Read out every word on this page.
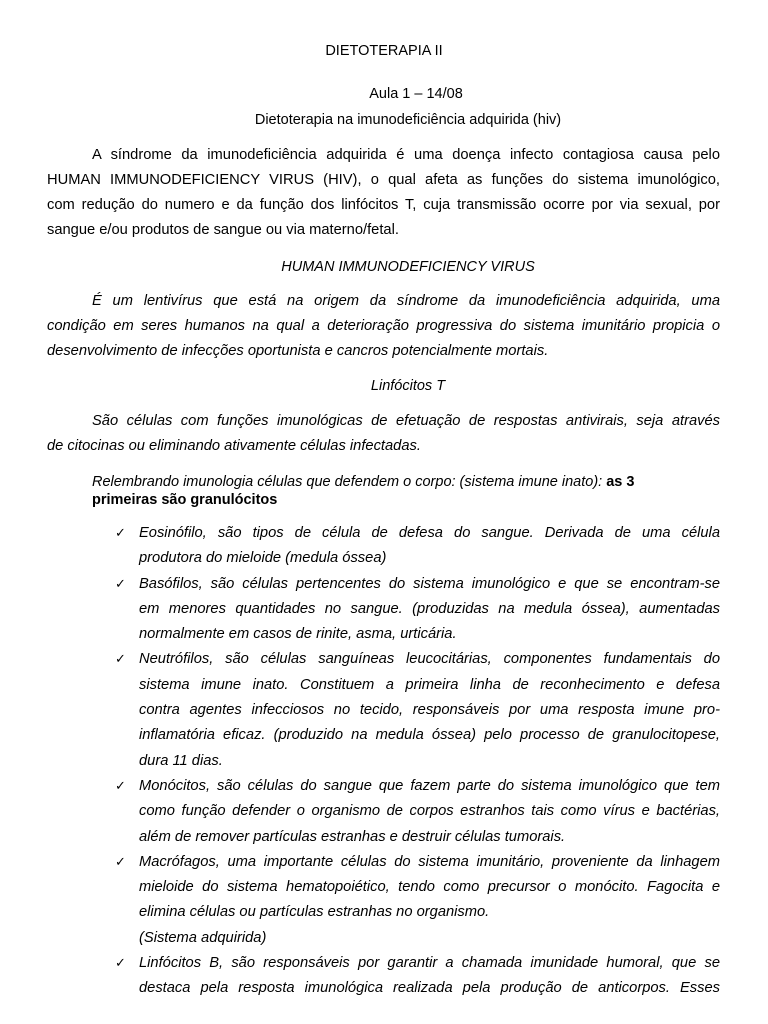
DIETOTERAPIA II

Aula 1 – 14/08

Dietoterapia na imunodeficiência adquirida (hiv)

A síndrome da imunodeficiência adquirida é uma doença infecto contagiosa causa pelo
HUMAN IMMUNODEFICIENCY VIRUS (HIV), o qual afeta as funções do sistema imunológico,
com redução do numero e da função dos linfócitos T, cuja transmissão ocorre por via sexual, por
sangue e/ou produtos de sangue ou via materno/fetal.

HUMAN IMMUNODEFICIENCY VIRUS

É um lentivírus que está na origem da síndrome da imunodeficiência adquirida, uma
condição em seres humanos na qual a deterioração progressiva do sistema imunitário propicia o
desenvolvimento de infecções oportunista e cancros potencialmente mortais.

Linfócitos T

São células com funções imunológicas de efetuação de respostas antivirais, seja através
de citocinas ou eliminando ativamente células infectadas.

Relembrando imunologia células que defendem o corpo: (sistema imune inato): as 3
primeiras são granulócitos

✓ Eosinófilo, são tipos de célula de defesa do sangue. Derivada de uma célula
produtora do mieloide (medula óssea)
✓ Basófilos, são células pertencentes do sistema imunológico e que se encontram-se
em menores quantidades no sangue. (produzidas na medula óssea), aumentadas
normalmente em casos de rinite, asma, urticária.
✓ Neutrófilos, são células sanguíneas leucocitárias, componentes fundamentais do
sistema imune inato. Constituem a primeira linha de reconhecimento e defesa
contra agentes infecciosos no tecido, responsáveis por uma resposta imune pro-
inflamatória eficaz. (produzido na medula óssea) pelo processo de granulocitopese,
dura 11 dias.
✓ Monócitos, são células do sangue que fazem parte do sistema imunológico que tem
como função defender o organismo de corpos estranhos tais como vírus e bactérias,
além de remover partículas estranhas e destruir células tumorais.
✓ Macrófagos, uma importante células do sistema imunitário, proveniente da linhagem
mieloide do sistema hematopoiético, tendo como precursor o monócito. Fagocita e
elimina células ou partículas estranhas no organismo.
(Sistema adquirida)
✓ Linfócitos B, são responsáveis por garantir a chamada imunidade humoral, que se
destaca pela resposta imunológica realizada pela produção de anticorpos. Esses
